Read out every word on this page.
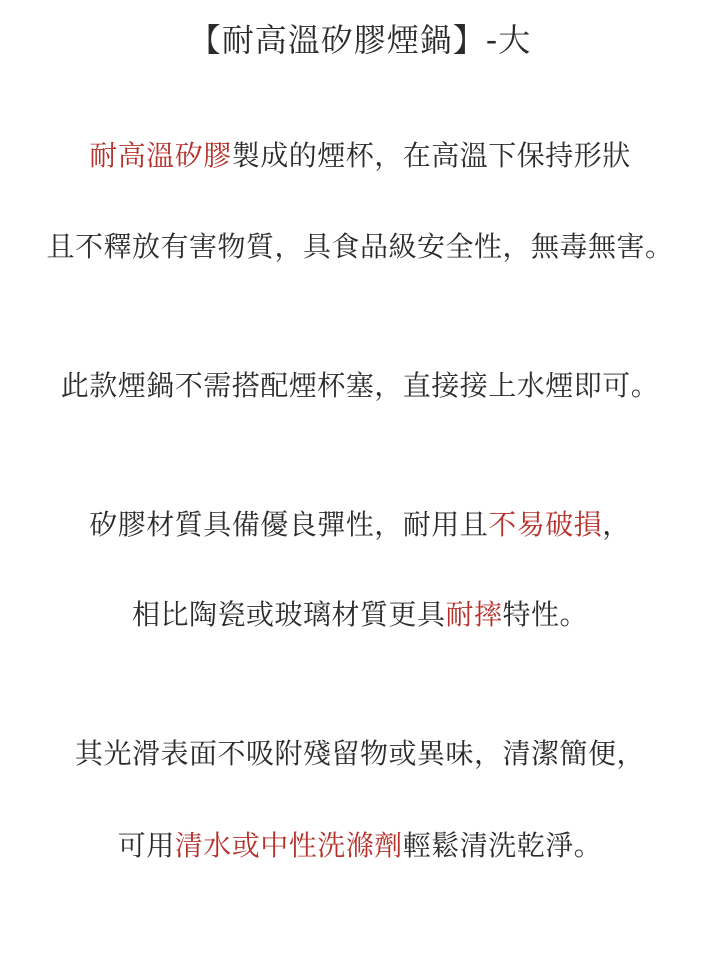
【耐高溫矽膠煙鍋】-大
耐高溫矽膠製成的煙杯，在高溫下保持形狀
且不釋放有害物質，具食品級安全性，無毒無害。
此款煙鍋不需搭配煙杯塞，直接接上水煙即可。
矽膠材質具備優良彈性，耐用且不易破損，
相比陶瓷或玻璃材質更具耐摔特性。
其光滑表面不吸附殘留物或異味，清潔簡便，
可用清水或中性洗滌劑輕鬆清洗乾淨。
